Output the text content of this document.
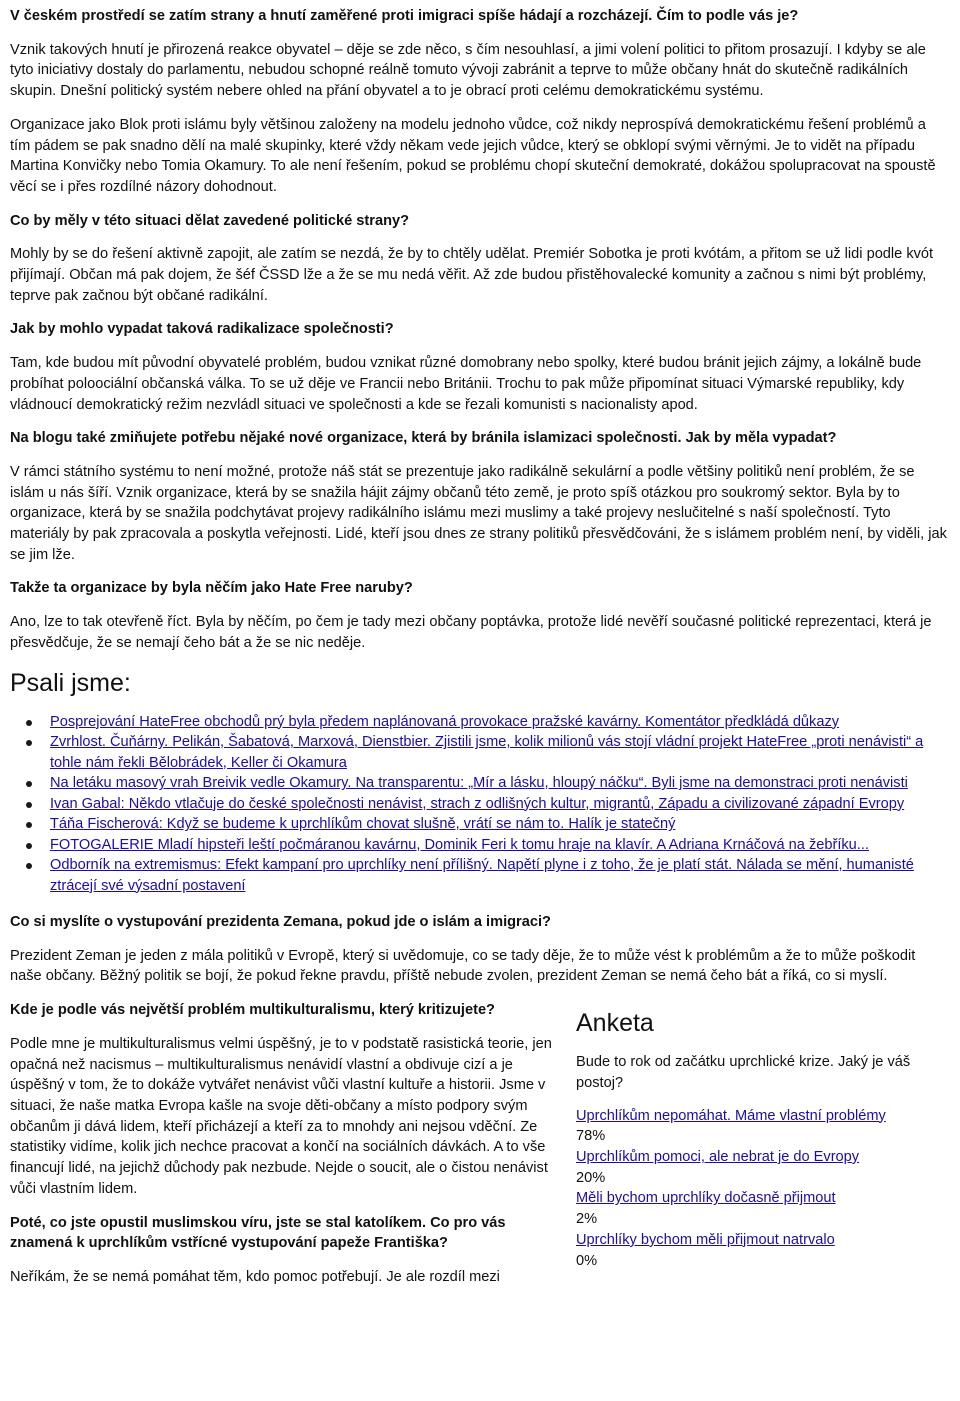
V českém prostředí se zatím strany a hnutí zaměřené proti imigraci spíše hádají a rozcházejí. Čím to podle vás je?
Vznik takových hnutí je přirozená reakce obyvatel – děje se zde něco, s čím nesouhlasí, a jimi volení politici to přitom prosazují. I kdyby se ale tyto iniciativy dostaly do parlamentu, nebudou schopné reálně tomuto vývoji zabránit a teprve to může občany hnát do skutečně radikálních skupin. Dnešní politický systém nebere ohled na přání obyvatel a to je obrací proti celému demokratickému systému.
Organizace jako Blok proti islámu byly většinou založeny na modelu jednoho vůdce, což nikdy neprospívá demokratickému řešení problémů a tím pádem se pak snadno dělí na malé skupinky, které vždy někam vede jejich vůdce, který se obklopí svými věrnými. Je to vidět na případu Martina Konvičky nebo Tomia Okamury. To ale není řešením, pokud se problému chopí skuteční demokraté, dokážou spolupracovat na spoustě věcí se i přes rozdílné názory dohodnout.
Co by měly v této situaci dělat zavedené politické strany?
Mohly by se do řešení aktivně zapojit, ale zatím se nezdá, že by to chtěly udělat. Premiér Sobotka je proti kvótám, a přitom se už lidi podle kvót přijímají. Občan má pak dojem, že šéf ČSSD lže a že se mu nedá věřit. Až zde budou přistěhovalecké komunity a začnou s nimi být problémy, teprve pak začnou být občané radikální.
Jak by mohlo vypadat taková radikalizace společnosti?
Tam, kde budou mít původní obyvatelé problém, budou vznikat různé domobrany nebo spolky, které budou bránit jejich zájmy, a lokálně bude probíhat poloociální občanská válka. To se už děje ve Francii nebo Británii. Trochu to pak může připomínat situaci Výmarské republiky, kdy vládnoucí demokratický režim nezvládl situaci ve společnosti a kde se řezali komunisti s nacionalisty apod.
Na blogu také zmiňujete potřebu nějaké nové organizace, která by bránila islamizaci společnosti. Jak by měla vypadat?
V rámci státního systému to není možné, protože náš stát se prezentuje jako radikálně sekulární a podle většiny politiků není problém, že se islám u nás šíří. Vznik organizace, která by se snažila hájit zájmy občanů této země, je proto spíš otázkou pro soukromý sektor. Byla by to organizace, která by se snažila podchytávat projevy radikálního islámu mezi muslimy a také projevy neslučitelné s naší společností. Tyto materiály by pak zpracovala a poskytla veřejnosti. Lidé, kteří jsou dnes ze strany politiků přesvědčováni, že s islámem problém není, by viděli, jak se jim lže.
Takže ta organizace by byla něčím jako Hate Free naruby?
Ano, lze to tak otevřeně říct. Byla by něčím, po čem je tady mezi občany poptávka, protože lidé nevěří současné politické reprezentaci, která je přesvědčuje, že se nemají čeho bát a že se nic neděje.
Psali jsme:
Posprejování HateFree obchodů prý byla předem naplánovaná provokace pražské kavárny. Komentátor předkládá důkazy
Zvrhlost. Čuňárny. Pelikán, Šabatová, Marxová, Dienstbier. Zjistili jsme, kolik milionů vás stojí vládní projekt HateFree „proti nenávisti“ a tohle nám řekli Bělobrádek, Keller či Okamura
Na letáku masový vrah Breivik vedle Okamury. Na transparentu: „Mír a lásku, hloupý náčku“. Byli jsme na demonstraci proti nenávisti
Ivan Gabal: Někdo vtlačuje do české společnosti nenávist, strach z odlišných kultur, migrantů, Západu a civilizované západní Evropy
Táňa Fischerová: Když se budeme k uprchlíkům chovat slušně, vrátí se nám to. Halík je statečný
FOTOGALERIE Mladí hipsteři leští počmáranou kavárnu, Dominik Feri k tomu hraje na klavír. A Adriana Krnáčová na žebříku...
Odborník na extremismus: Efekt kampaní pro uprchlíky není přílišný. Napětí plyne i z toho, že je platí stát. Nálada se mění, humanisté ztrácejí své výsadní postavení
Co si myslíte o vystupování prezidenta Zemana, pokud jde o islám a imigraci?
Prezident Zeman je jeden z mála politiků v Evropě, který si uvědomuje, co se tady děje, že to může vést k problémům a že to může poškodit naše občany. Běžný politik se bojí, že pokud řekne pravdu, příště nebude zvolen, prezident Zeman se nemá čeho bát a říká, co si myslí.
Kde je podle vás největší problém multikulturalismu, který kritizujete?
Podle mne je multikulturalismus velmi úspěšný, je to v podstatě rasistická teorie, jen opačná než nacismus – multikulturalismus nenávidí vlastní a obdivuje cizí a je úspěšný v tom, že to dokáže vytvářet nenávist vůči vlastní kultuře a historii. Jsme v situaci, že naše matka Evropa kašle na svoje děti-občany a místo podpory svým občanům ji dává lidem, kteří přicházejí a kteří za to mnohdy ani nejsou vděční. Ze statistiky vidíme, kolik jich nechce pracovat a končí na sociálních dávkách. A to vše financují lidé, na jejichž důchody pak nezbude. Nejde o soucit, ale o čistou nenávist vůči vlastním lidem.
Poté, co jste opustil muslimskou víru, jste se stal katolíkem. Co pro vás znamená k uprchlíkům vstřícné vystupování papeže Františka?
Neříkám, že se nemá pomáhat těm, kdo pomoc potřebují. Je ale rozdíl mezi
Anketa
Bude to rok od začátku uprchlické krize. Jaký je váš postoj?
Uprchlíkům nepomáhat. Máme vlastní problémy
78%
Uprchlíkům pomoci, ale nebrat je do Evropy
20%
Měli bychom uprchlíky dočasně přijmout
2%
Uprchlíky bychom měli přijmout natrvalo
0%
